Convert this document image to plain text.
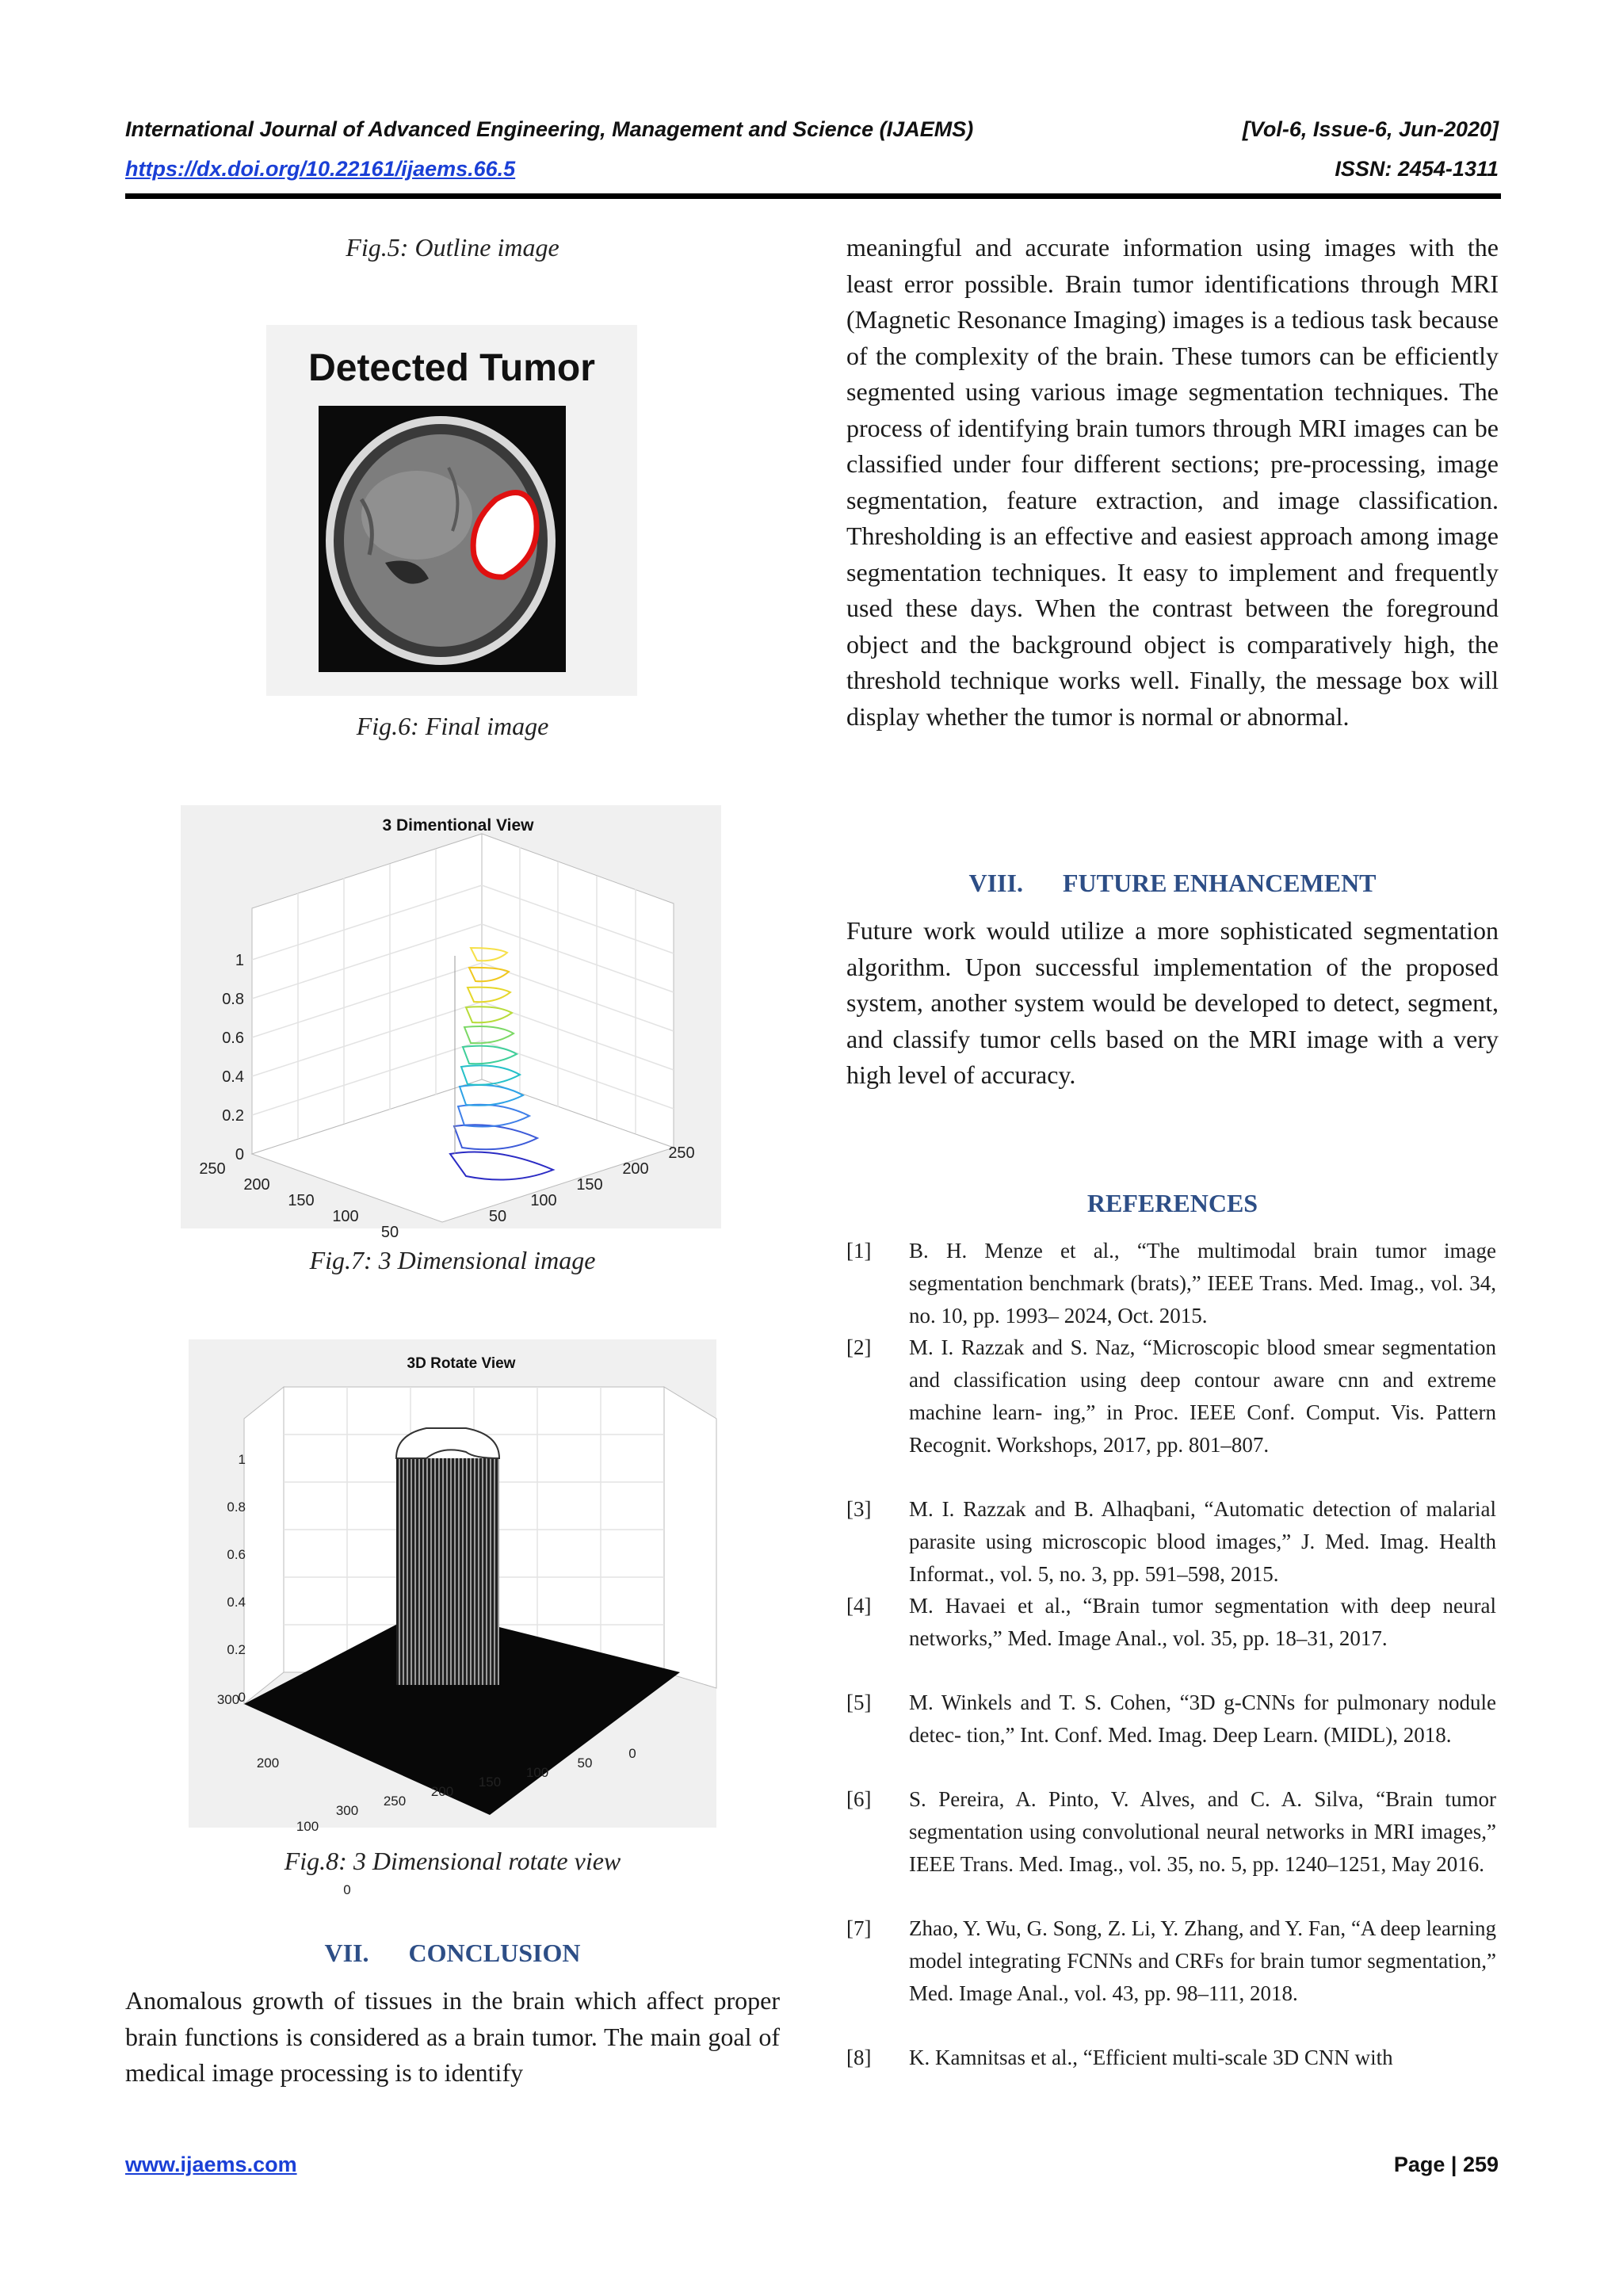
International Journal of Advanced Engineering, Management and Science (IJAEMS)	[Vol-6, Issue-6, Jun-2020]
https://dx.doi.org/10.22161/ijaems.66.5	ISSN: 2454-1311
Fig.5: Outline image
Detected Tumor
Fig.6: Final image
3 Dimentional View
0
0.2
0.4
0.6
0.8
1
250
200
150
100
50
50
100
150
200
250
Fig.7: 3 Dimensional image
3D Rotate View
0
0.2
0.4
0.6
0.8
1
300
200
100
0
300
250
200
150
100
50
0
Fig.8: 3 Dimensional rotate view
VII. CONCLUSION
Anomalous growth of tissues in the brain which affect proper brain functions is considered as a brain tumor. The main goal of medical image processing is to identify
meaningful and accurate information using images with the least error possible. Brain tumor identifications through MRI (Magnetic Resonance Imaging) images is a tedious task because of the complexity of the brain. These tumors can be efficiently segmented using various image segmentation techniques. The process of identifying brain tumors through MRI images can be classified under four different sections; pre-processing, image segmentation, feature extraction, and image classification. Thresholding is an effective and easiest approach among image segmentation techniques. It easy to implement and frequently used these days. When the contrast between the foreground object and the background object is comparatively high, the threshold technique works well. Finally, the message box will display whether the tumor is normal or abnormal.
VIII. FUTURE ENHANCEMENT
Future work would utilize a more sophisticated segmentation algorithm. Upon successful implementation of the proposed system, another system would be developed to detect, segment, and classify tumor cells based on the MRI image with a very high level of accuracy.
REFERENCES
[1] B. H. Menze et al., “The multimodal brain tumor image segmentation benchmark (brats),” IEEE Trans. Med. Imag., vol. 34, no. 10, pp. 1993– 2024, Oct. 2015.
[2] M. I. Razzak and S. Naz, “Microscopic blood smear segmentation and classification using deep contour aware cnn and extreme machine learn- ing,” in Proc. IEEE Conf. Comput. Vis. Pattern Recognit. Workshops, 2017, pp. 801–807.
[3] M. I. Razzak and B. Alhaqbani, “Automatic detection of malarial parasite using microscopic blood images,” J. Med. Imag. Health Informat., vol. 5, no. 3, pp. 591–598, 2015.
[4] M. Havaei et al., “Brain tumor segmentation with deep neural networks,” Med. Image Anal., vol. 35, pp. 18–31, 2017.
[5] M. Winkels and T. S. Cohen, “3D g-CNNs for pulmonary nodule detec- tion,” Int. Conf. Med. Imag. Deep Learn. (MIDL), 2018.
[6] S. Pereira, A. Pinto, V. Alves, and C. A. Silva, “Brain tumor segmentation using convolutional neural networks in MRI images,” IEEE Trans. Med. Imag., vol. 35, no. 5, pp. 1240–1251, May 2016.
[7] Zhao, Y. Wu, G. Song, Z. Li, Y. Zhang, and Y. Fan, “A deep learning model integrating FCNNs and CRFs for brain tumor segmentation,” Med. Image Anal., vol. 43, pp. 98–111, 2018.
[8] K. Kamnitsas et al., “Efficient multi-scale 3D CNN with
www.ijaems.com	Page | 259
